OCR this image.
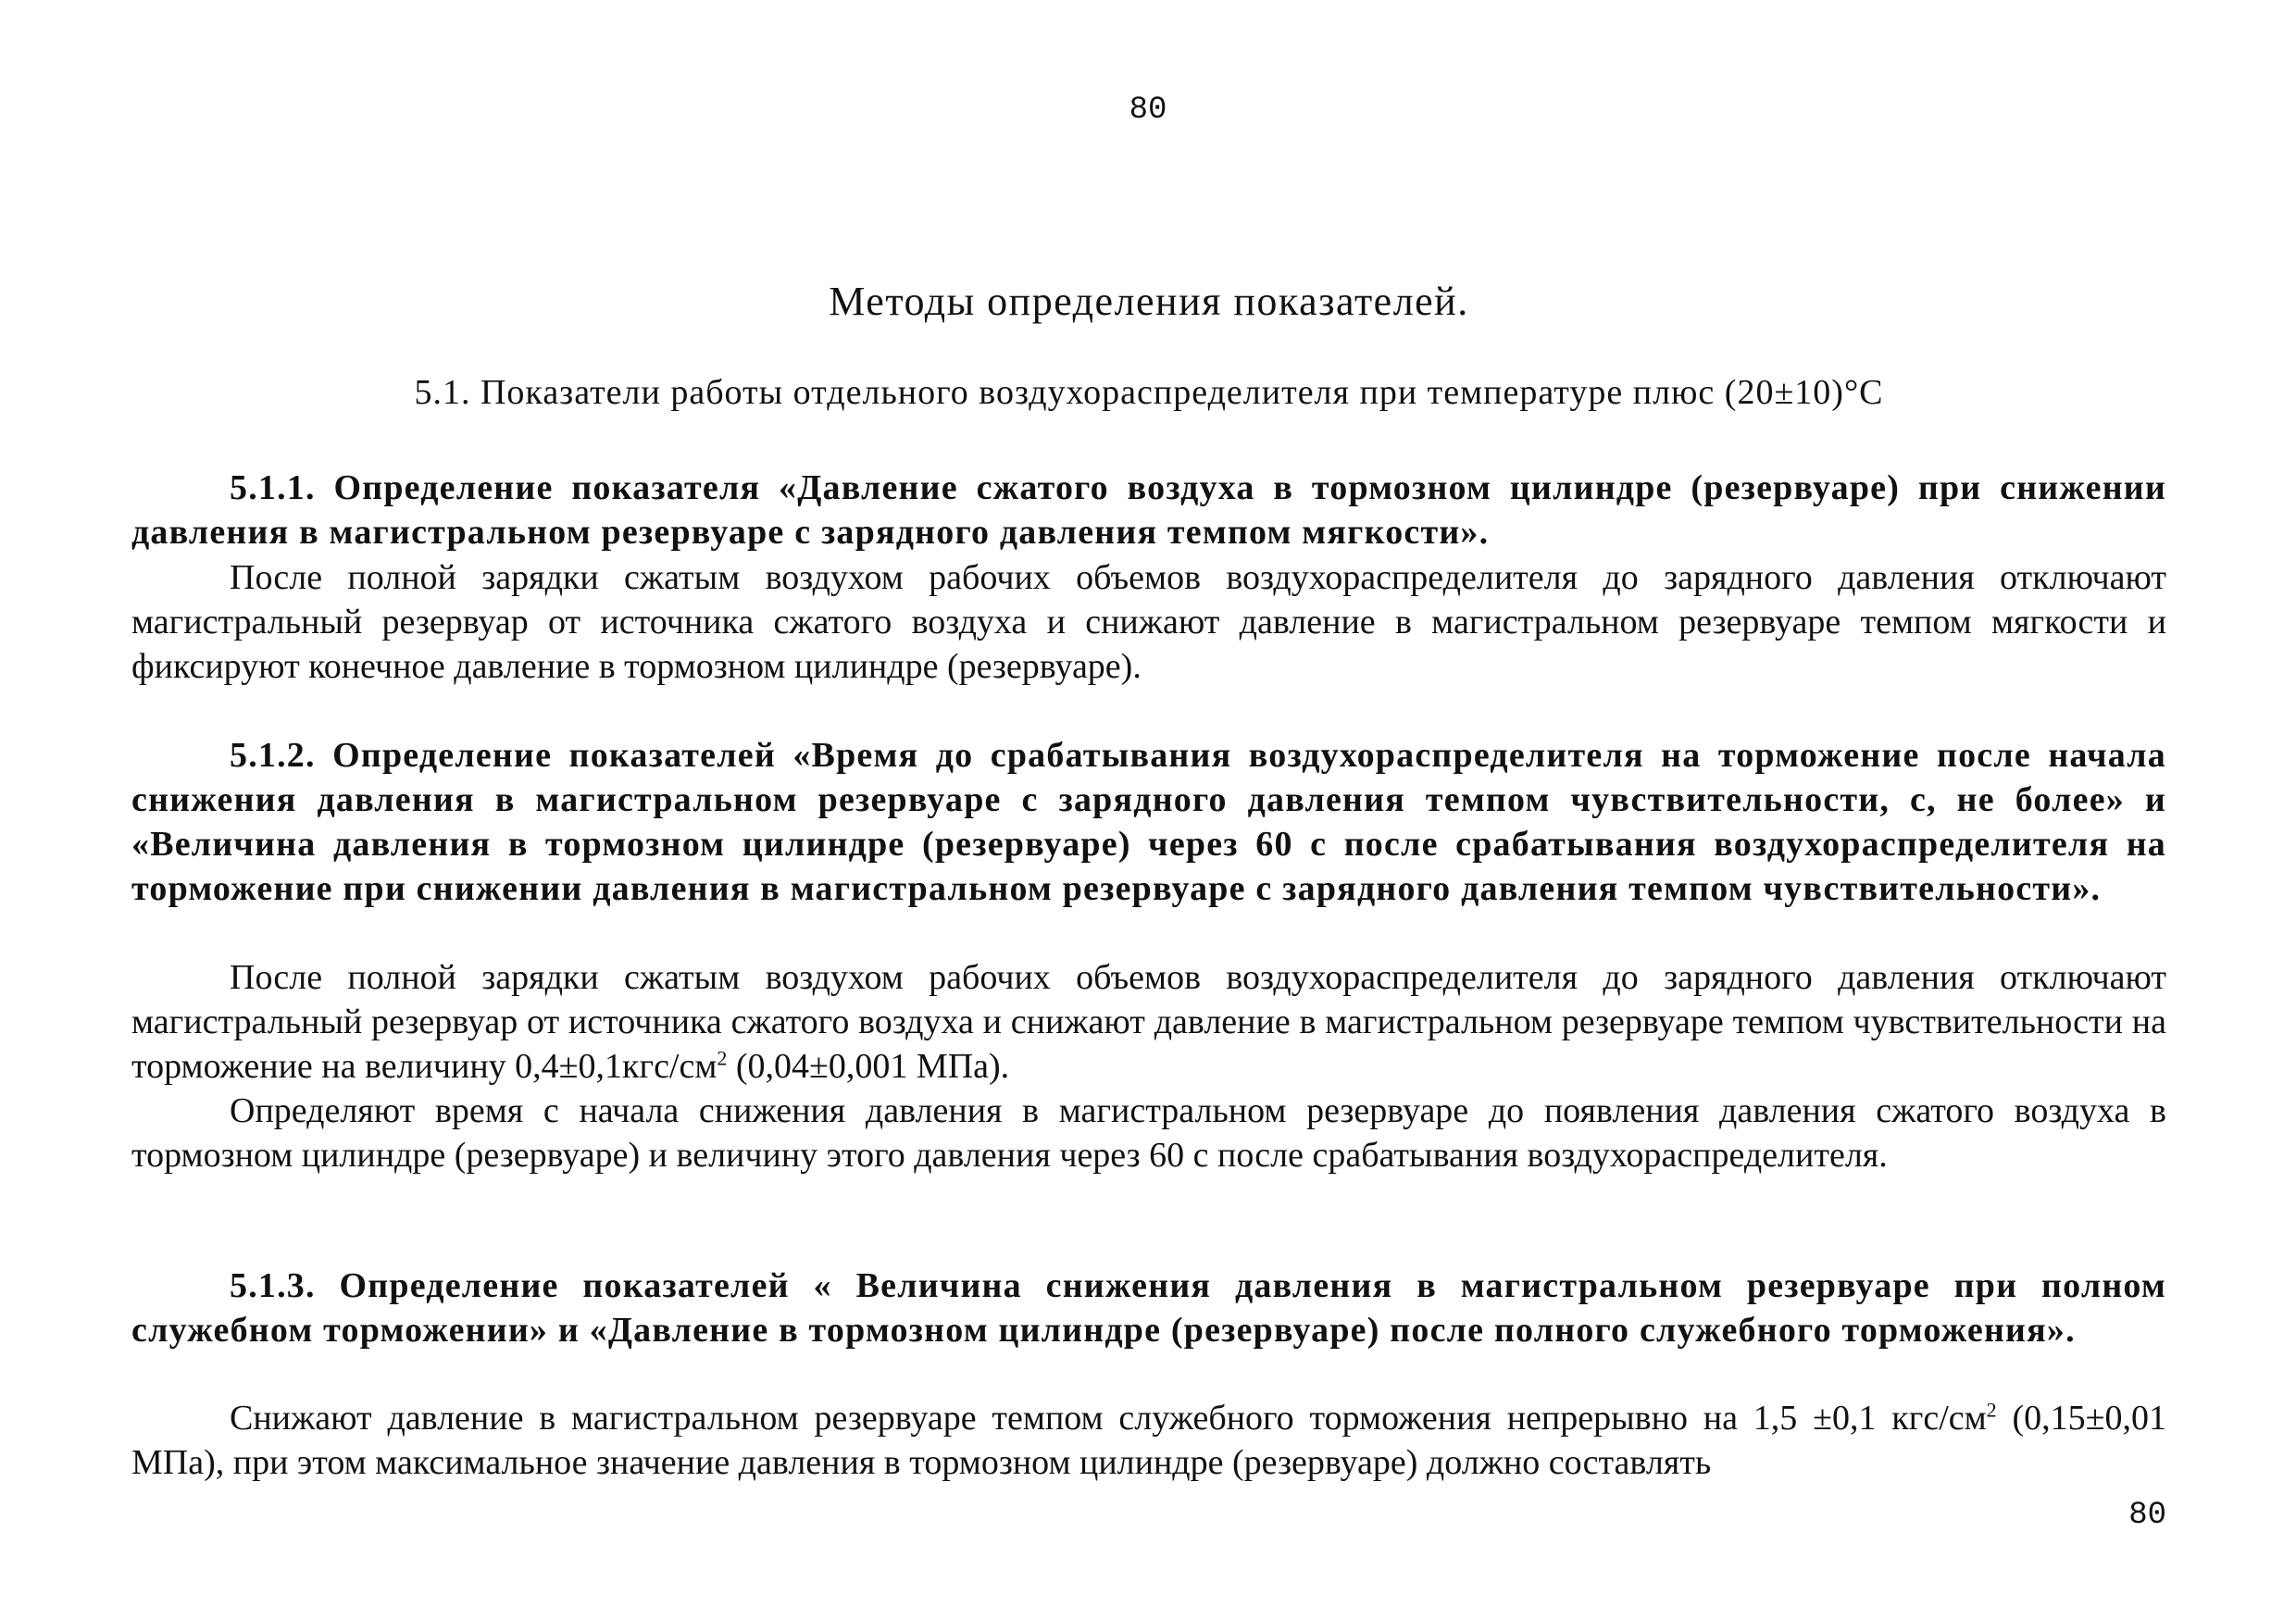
80
Методы определения показателей.
5.1. Показатели работы отдельного воздухораспределителя при температуре плюс (20±10)°С

5.1.1. Определение показателя «Давление сжатого воздуха в тормозном цилиндре (резервуаре) при снижении давления в магистральном резервуаре с зарядного давления темпом мягкости».

После полной зарядки сжатым воздухом рабочих объемов воздухораспределителя до зарядного давления отключают магистральный резервуар от источника сжатого воздуха и снижают давление в магистральном резервуаре темпом мягкости и фиксируют конечное давление в тормозном цилиндре (резервуаре).

5.1.2. Определение показателей «Время до срабатывания воздухораспределителя на торможение после начала снижения давления в магистральном резервуаре с зарядного давления темпом чувствительности, с, не более» и «Величина давления в тормозном цилиндре (резервуаре) через 60 с после срабатывания воздухораспределителя на торможение при снижении давления в магистральном резервуаре с зарядного давления темпом чувствительности».

После полной зарядки сжатым воздухом рабочих объемов воздухораспределителя до зарядного давления отключают магистральный резервуар от источника сжатого воздуха и снижают давление в магистральном резервуаре темпом чувствительности на торможение на величину $0,4\pm 0,1кгс/см^2$ (0,04±0,001 МПа).

Определяют время с начала снижения давления в магистральном резервуаре до появления давления сжатого воздуха в тормозном цилиндре (резервуаре) и величину этого давления через 60 с после срабатывания воздухораспределителя.

5.1.3. Определение показателей « Величина снижения давления в магистральном резервуаре при полном служебном торможении» и «Давление в тормозном цилиндре (резервуаре) после полного служебного торможения».

Снижают давление в магистральном резервуаре темпом служебного торможения непрерывно на 1,5 ±0,1 кгс/$см^2$ (0,15±0,01 МПа), при этом максимальное значение давления в тормозном цилиндре (резервуаре) должно составлять

80
